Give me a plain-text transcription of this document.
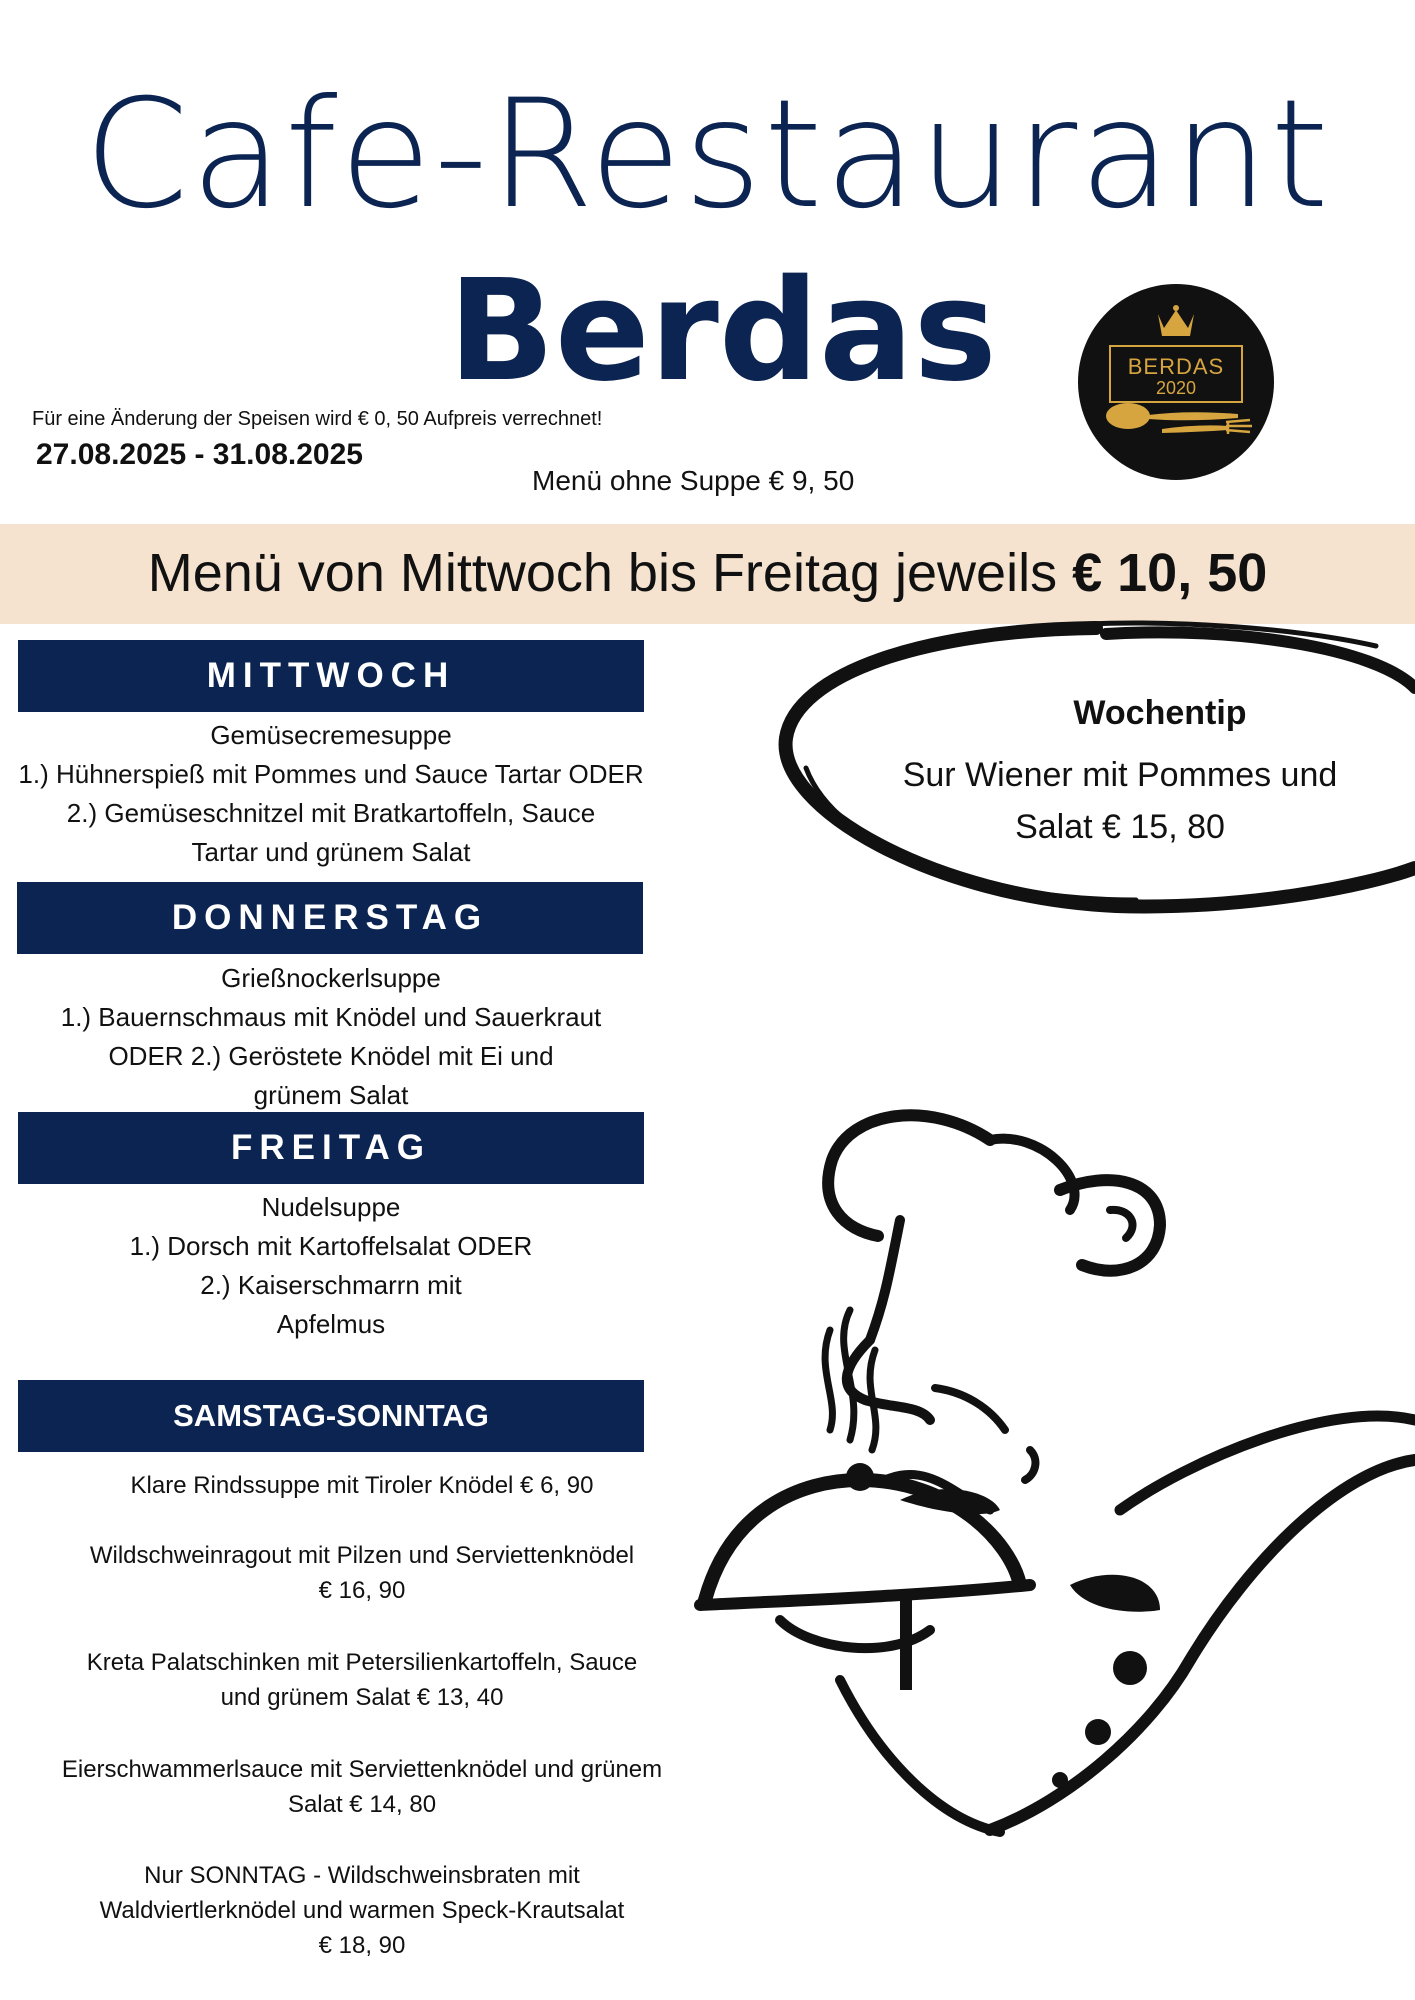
Cafe-Restaurant
Berdas	BERDAS
2020
Für eine Änderung der Speisen wird € 0, 50 Aufpreis verrechnet!
27.08.2025 - 31.08.2025
Menü ohne Suppe € 9, 50
Menü von Mittwoch bis Freitag jeweils € 10, 50
MITTWOCH
Gemüsecremesuppe
1.) Hühnerspieß mit Pommes und Sauce Tartar ODER
2.) Gemüseschnitzel mit Bratkartoffeln, Sauce
Tartar und grünem Salat
DONNERSTAG
Grießnockerlsuppe
1.) Bauernschmaus mit Knödel und Sauerkraut
ODER 2.) Geröstete Knödel mit Ei und
grünem Salat
FREITAG
Nudelsuppe
1.) Dorsch mit Kartoffelsalat ODER
2.) Kaiserschmarrn mit
Apfelmus
SAMSTAG-SONNTAG
Klare Rindssuppe mit Tiroler Knödel € 6, 90
Wildschweinragout mit Pilzen und Serviettenknödel
€ 16, 90
Kreta Palatschinken mit Petersilienkartoffeln, Sauce
und grünem Salat € 13, 40
Eierschwammerlsauce mit Serviettenknödel und grünem
Salat € 14, 80
Nur SONNTAG - Wildschweinsbraten mit
Waldviertlerknödel und warmen Speck-Krautsalat
€ 18, 90
Wochentip
Sur Wiener mit Pommes und
Salat € 15, 80
